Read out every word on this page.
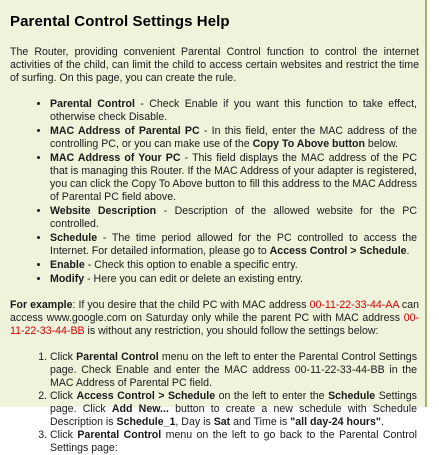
Parental Control Settings Help

The Router, providing convenient Parental Control function to control the internet activities of the child, can limit the child to access certain websites and restrict the time of surfing. On this page, you can create the rule.

• Parental Control - Check Enable if you want this function to take effect, otherwise check Disable.
• MAC Address of Parental PC - In this field, enter the MAC address of the controlling PC, or you can make use of the Copy To Above button below.
• MAC Address of Your PC - This field displays the MAC address of the PC that is managing this Router. If the MAC Address of your adapter is registered, you can click the Copy To Above button to fill this address to the MAC Address of Parental PC field above.
• Website Description - Description of the allowed website for the PC controlled.
• Schedule - The time period allowed for the PC controlled to access the Internet. For detailed information, please go to Access Control > Schedule.
• Enable - Check this option to enable a specific entry.
• Modify - Here you can edit or delete an existing entry.

For example: If you desire that the child PC with MAC address 00-11-22-33-44-AA can access www.google.com on Saturday only while the parent PC with MAC address 00-11-22-33-44-BB is without any restriction, you should follow the settings below:

1. Click Parental Control menu on the left to enter the Parental Control Settings page. Check Enable and enter the MAC address 00-11-22-33-44-BB in the MAC Address of Parental PC field.
2. Click Access Control > Schedule on the left to enter the Schedule Settings page. Click Add New... button to create a new schedule with Schedule Description is Schedule_1, Day is Sat and Time is "all day-24 hours".
3. Click Parental Control menu on the left to go back to the Parental Control Settings page:
